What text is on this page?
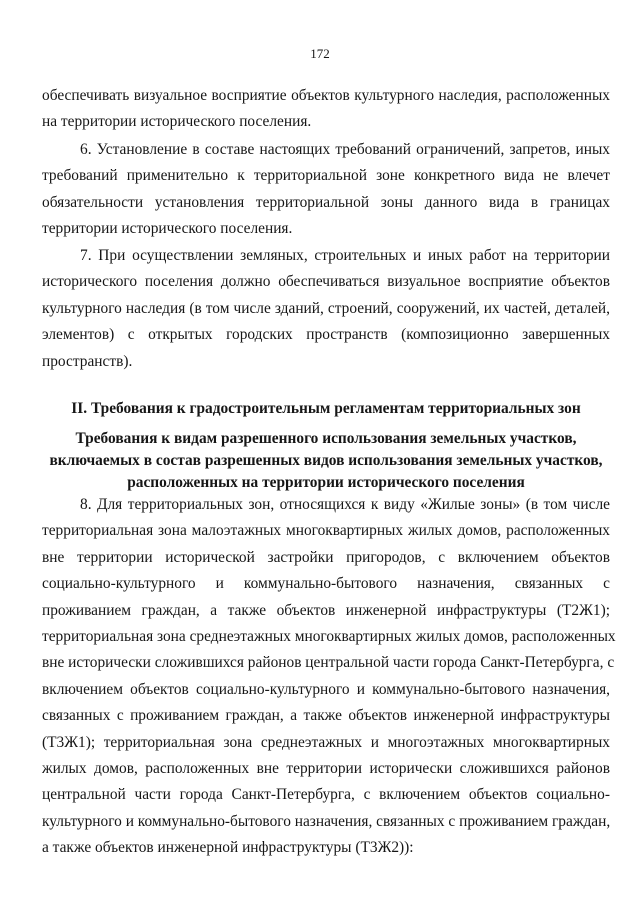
172
обеспечивать визуальное восприятие объектов культурного наследия, расположенных
на территории исторического поселения.
6. Установление в составе настоящих требований ограничений, запретов, иных
требований применительно к территориальной зоне конкретного вида не влечет
обязательности установления территориальной зоны данного вида в границах
территории исторического поселения.
7. При осуществлении земляных, строительных и иных работ на территории
исторического поселения должно обеспечиваться визуальное восприятие объектов
культурного наследия (в том числе зданий, строений, сооружений, их частей, деталей,
элементов) с открытых городских пространств (композиционно завершенных
пространств).
II. Требования к градостроительным регламентам территориальных зон
Требования к видам разрешенного использования земельных участков,
включаемых в состав разрешенных видов использования земельных участков,
расположенных на территории исторического поселения
8. Для территориальных зон, относящихся к виду «Жилые зоны» (в том числе
территориальная зона малоэтажных многоквартирных жилых домов, расположенных
вне территории исторической застройки пригородов, с включением объектов
социально-культурного и коммунально-бытового назначения, связанных с
проживанием граждан, а также объектов инженерной инфраструктуры (Т2Ж1);
территориальная зона среднеэтажных многоквартирных жилых домов, расположенных
вне исторически сложившихся районов центральной части города Санкт-Петербурга, с
включением объектов социально-культурного и коммунально-бытового назначения,
связанных с проживанием граждан, а также объектов инженерной инфраструктуры
(Т3Ж1); территориальная зона среднеэтажных и многоэтажных многоквартирных
жилых домов, расположенных вне территории исторически сложившихся районов
центральной части города Санкт-Петербурга, с включением объектов социально-
культурного и коммунально-бытового назначения, связанных с проживанием граждан,
а также объектов инженерной инфраструктуры (Т3Ж2)):
